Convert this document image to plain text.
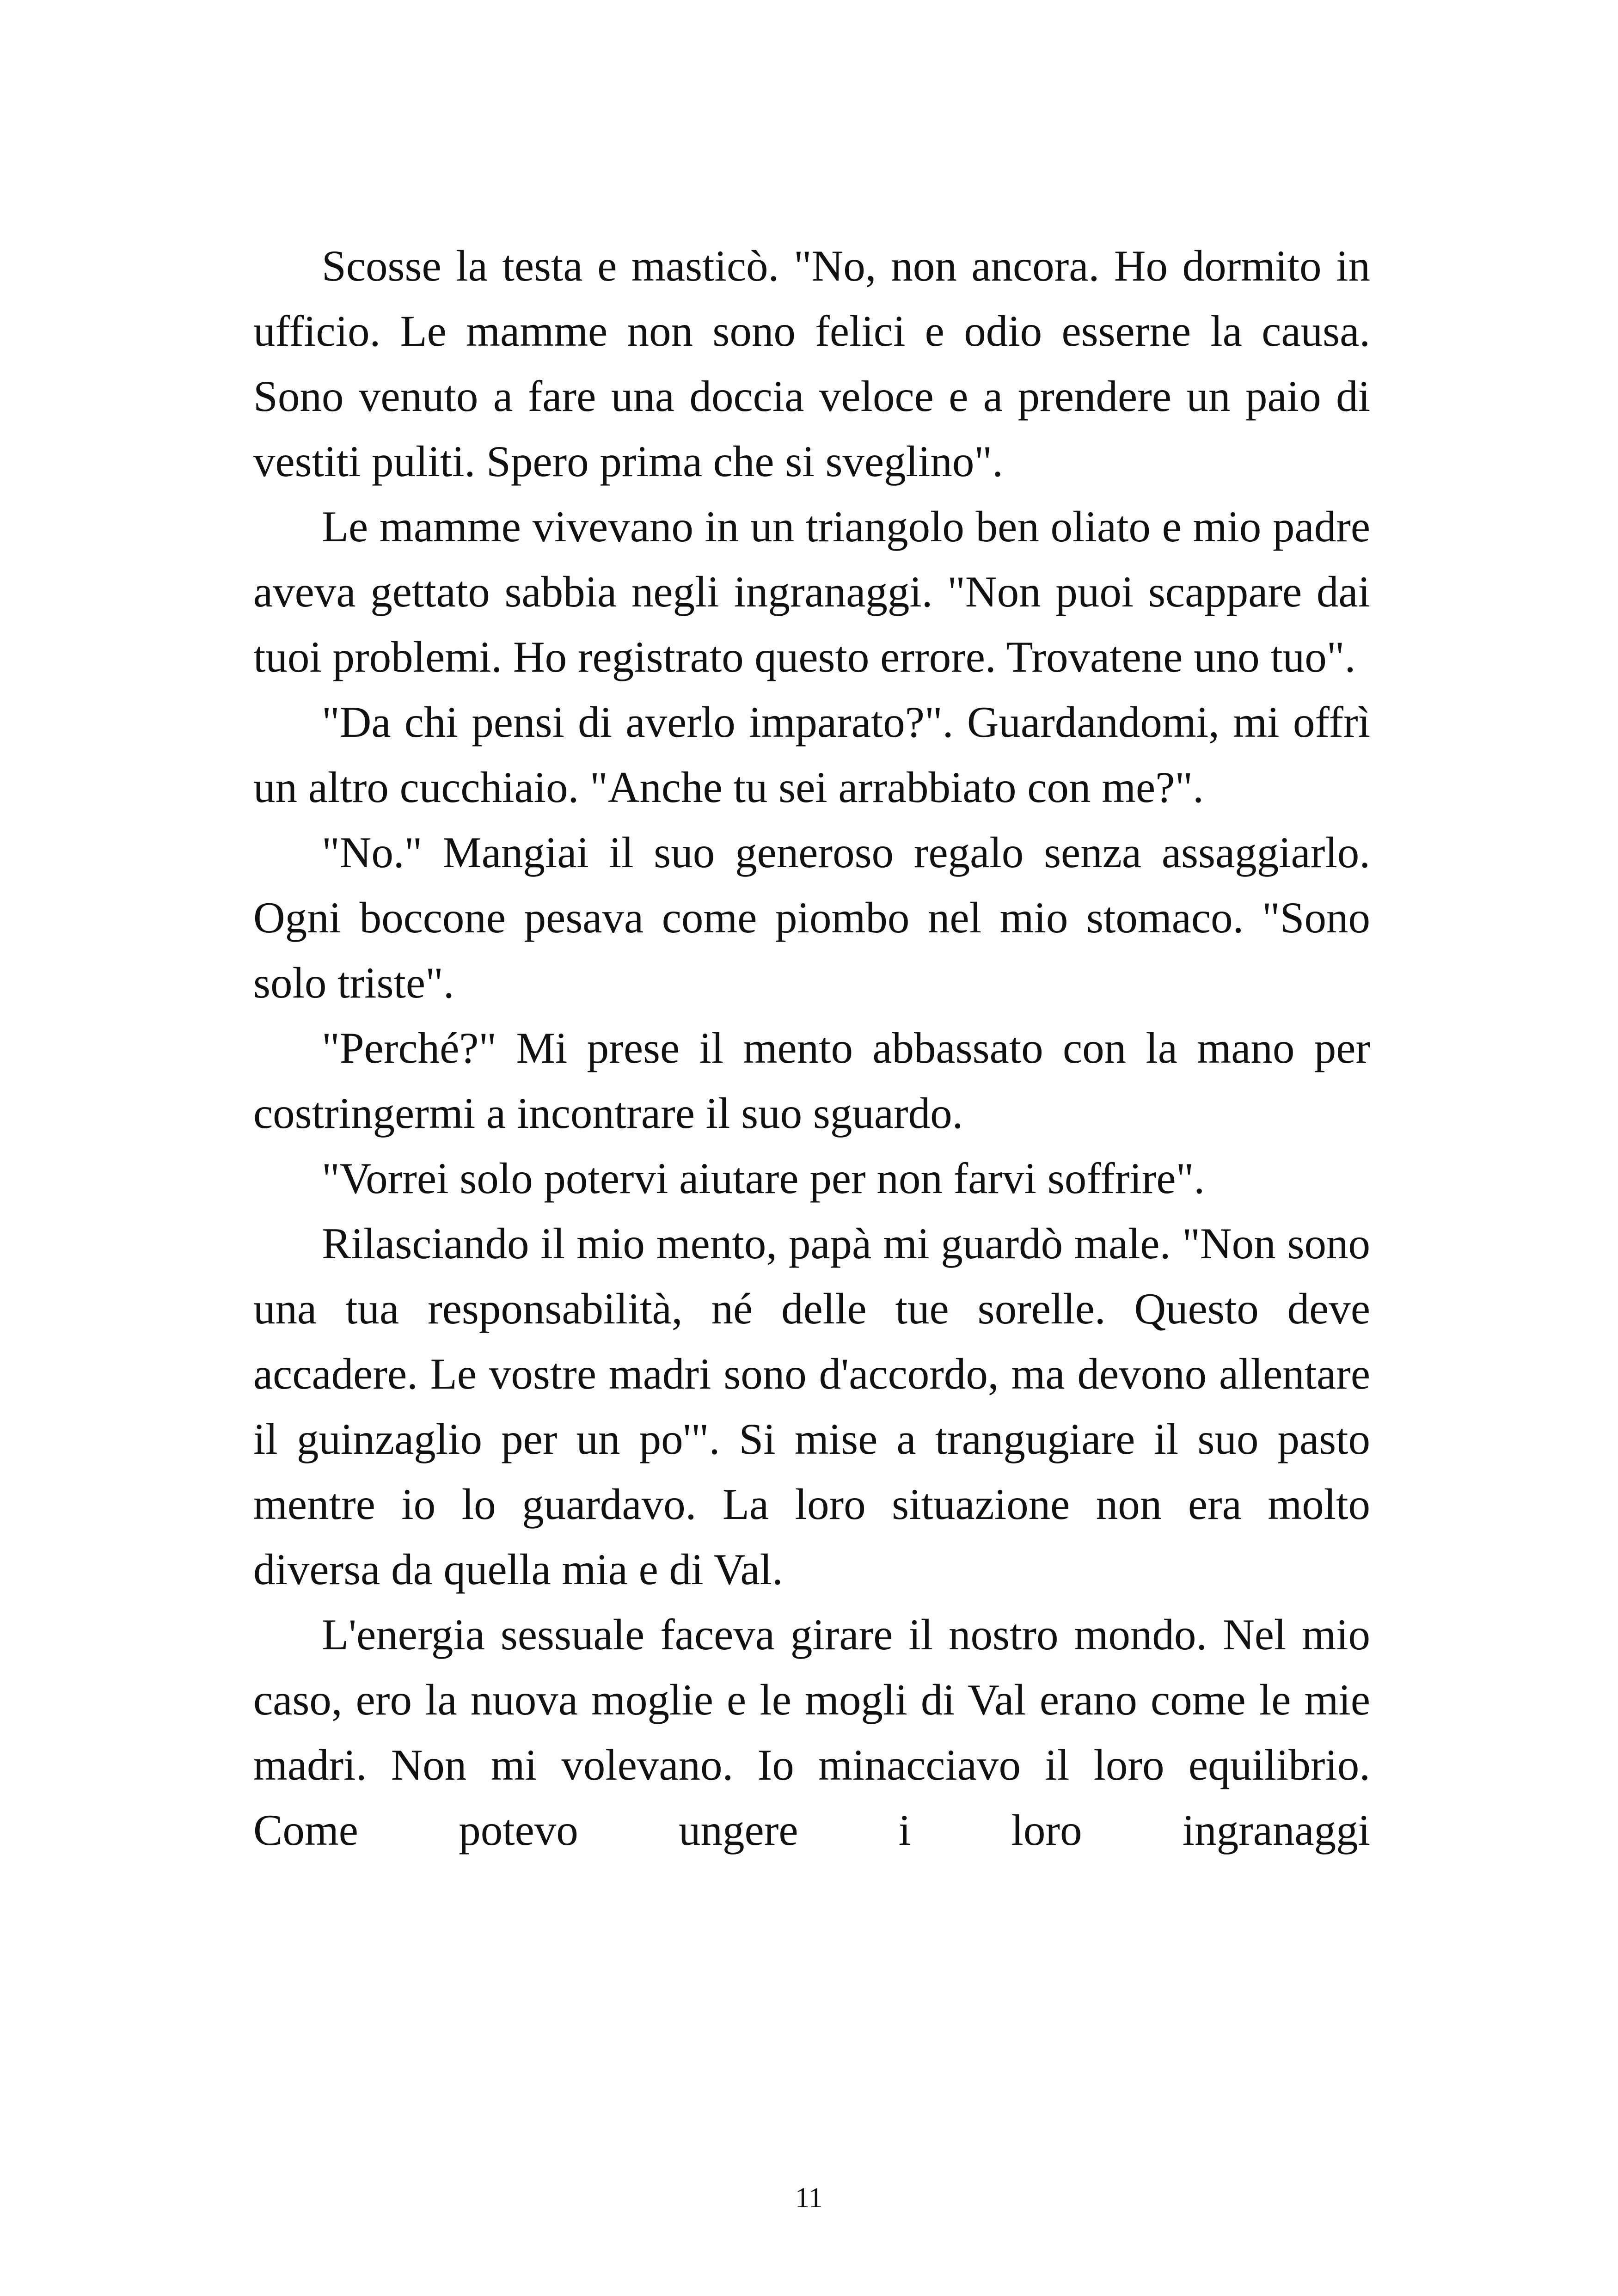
Scosse la testa e masticò. "No, non ancora. Ho dormito in ufficio. Le mamme non sono felici e odio esserne la causa. Sono venuto a fare una doccia veloce e a prendere un paio di vestiti puliti. Spero prima che si sveglino".

Le mamme vivevano in un triangolo ben oliato e mio padre aveva gettato sabbia negli ingranaggi. "Non puoi scappare dai tuoi problemi. Ho registrato questo errore. Trovatene uno tuo".

"Da chi pensi di averlo imparato?". Guardandomi, mi offrì un altro cucchiaio. "Anche tu sei arrabbiato con me?".

"No." Mangiai il suo generoso regalo senza assaggiarlo. Ogni boccone pesava come piombo nel mio stomaco. "Sono solo triste".

"Perché?" Mi prese il mento abbassato con la mano per costringermi a incontrare il suo sguardo.

"Vorrei solo potervi aiutare per non farvi soffrire".

Rilasciando il mio mento, papà mi guardò male. "Non sono una tua responsabilità, né delle tue sorelle. Questo deve accadere. Le vostre madri sono d'accordo, ma devono allentare il guinzaglio per un po'". Si mise a trangugiare il suo pasto mentre io lo guardavo. La loro situazione non era molto diversa da quella mia e di Val.

L'energia sessuale faceva girare il nostro mondo. Nel mio caso, ero la nuova moglie e le mogli di Val erano come le mie madri. Non mi volevano. Io minacciavo il loro equilibrio. Come potevo ungere i loro ingranaggi

11
